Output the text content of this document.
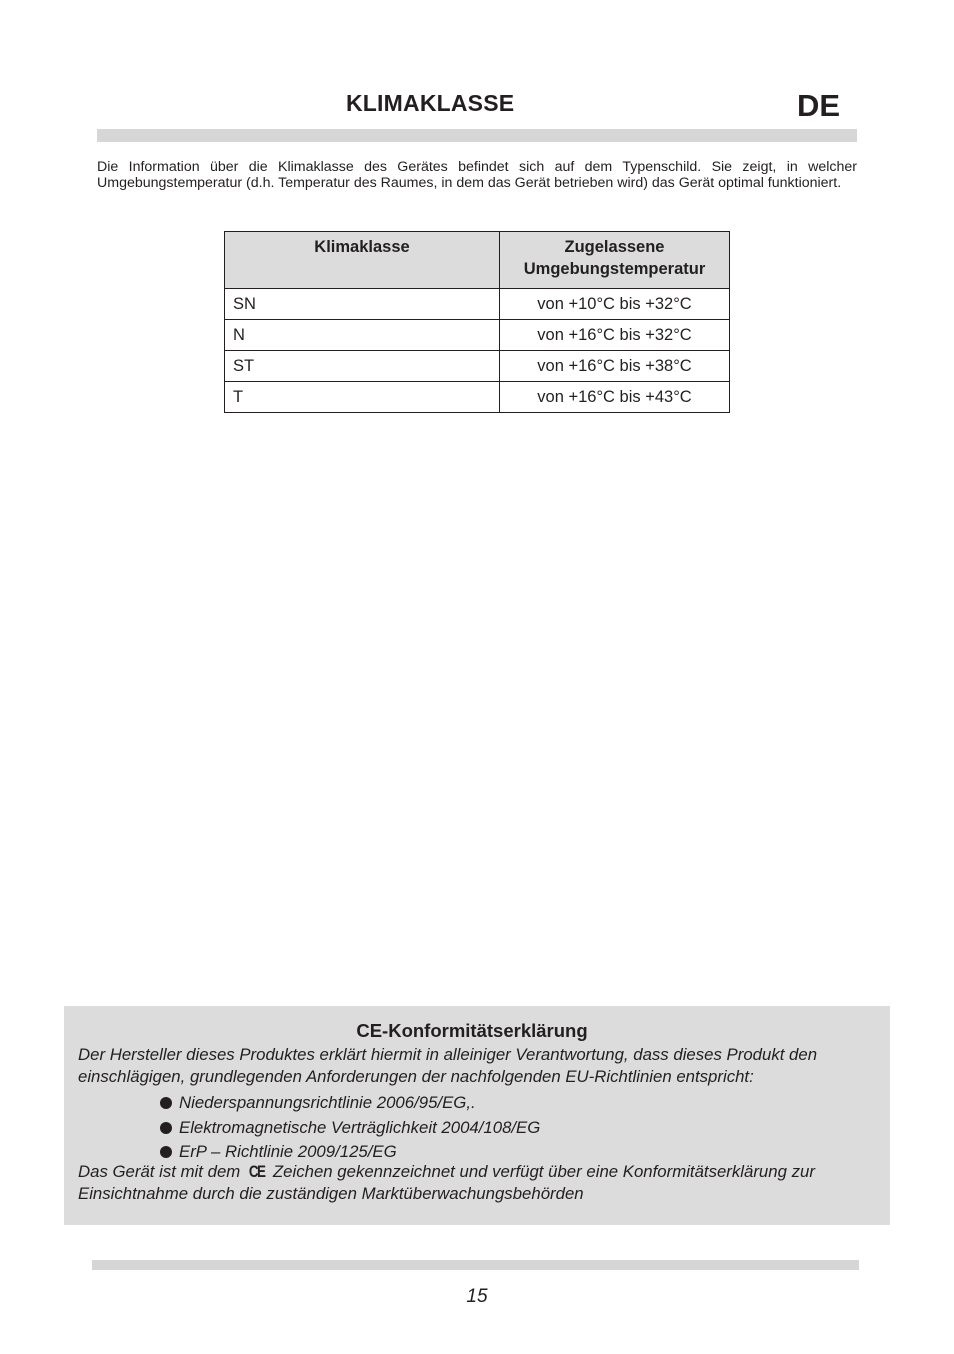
KLIMAKLASSE	DE
Die Information über die Klimaklasse des Gerätes befindet sich auf dem Typenschild. Sie zeigt, in welcher Umgebungstemperatur (d.h. Temperatur des Raumes, in dem das Gerät betrieben wird) das Gerät optimal funktioniert.
Klimaklasse	Zugelassene
Umgebungstemperatur
SN	von +10°C bis +32°C
N	von +16°C bis +32°C
ST	von +16°C bis +38°C
T	von +16°C bis +43°C
CE-Konformitätserklärung
Der Hersteller dieses Produktes erklärt hiermit in alleiniger Verantwortung, dass dieses Produkt den einschlägigen, grundlegenden Anforderungen der nachfolgenden EU-Richtlinien entspricht:
Niederspannungsrichtlinie 2006/95/EG,.
Elektromagnetische Verträglichkeit 2004/108/EG
ErP – Richtlinie 2009/125/EG
Das Gerät ist mit dem CE Zeichen gekennzeichnet und verfügt über eine Konformitätserklärung zur Einsichtnahme durch die zuständigen Marktüberwachungsbehörden
15
